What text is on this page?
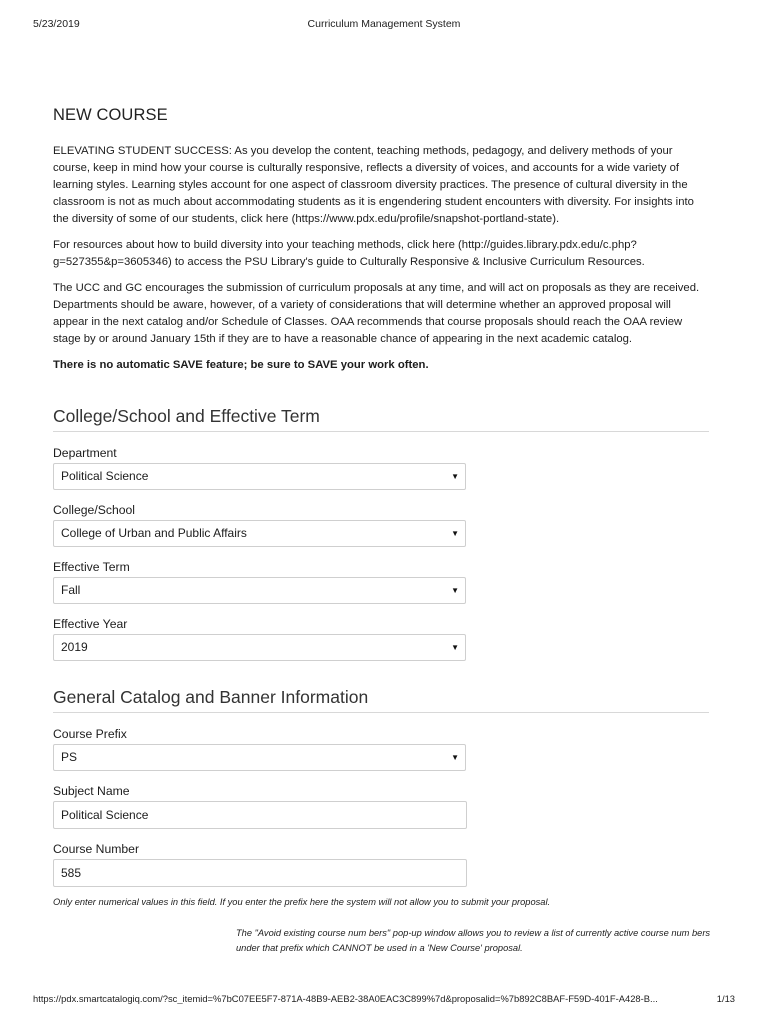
5/23/2019	Curriculum Management System
NEW COURSE

ELEVATING STUDENT SUCCESS: As you develop the content, teaching methods, pedagogy, and delivery methods of your course, keep in mind how your course is culturally responsive, reflects a diversity of voices, and accounts for a wide variety of learning styles. Learning styles account for one aspect of classroom diversity practices. The presence of cultural diversity in the classroom is not as much about accommodating students as it is engendering student encounters with diversity. For insights into the diversity of some of our students, click here (https://www.pdx.edu/profile/snapshot-portland-state).

For resources about how to build diversity into your teaching methods, click here (http://guides.library.pdx.edu/c.php?g=527355&p=3605346) to access the PSU Library's guide to Culturally Responsive & Inclusive Curriculum Resources.

The UCC and GC encourages the submission of curriculum proposals at any time, and will act on proposals as they are received. Departments should be aware, however, of a variety of considerations that will determine whether an approved proposal will appear in the next catalog and/or Schedule of Classes. OAA recommends that course proposals should reach the OAA review stage by or around January 15th if they are to have a reasonable chance of appearing in the next academic catalog.

There is no automatic SAVE feature; be sure to SAVE your work often.

College/School and Effective Term
Department
Political Science	▼
College/School
College of Urban and Public Affairs	▼
Effective Term
Fall	▼
Effective Year
2019	▼
General Catalog and Banner Information
Course Prefix
PS	▼
Subject Name
Political Science
Course Number
585

Only enter numerical values in this field. If you enter the prefix here the system will not allow you to submit your proposal.

The "Avoid existing course num bers" pop-up window allows you to review a list of currently active course num bers under that prefix which CANNOT be used in a 'New Course' proposal.

https://pdx.smartcatalogiq.com/?sc_itemid=%7bC07EE5F7-871A-48B9-AEB2-38A0EAC3C899%7d&proposalid=%7b892C8BAF-F59D-401F-A428-B...	1/13
